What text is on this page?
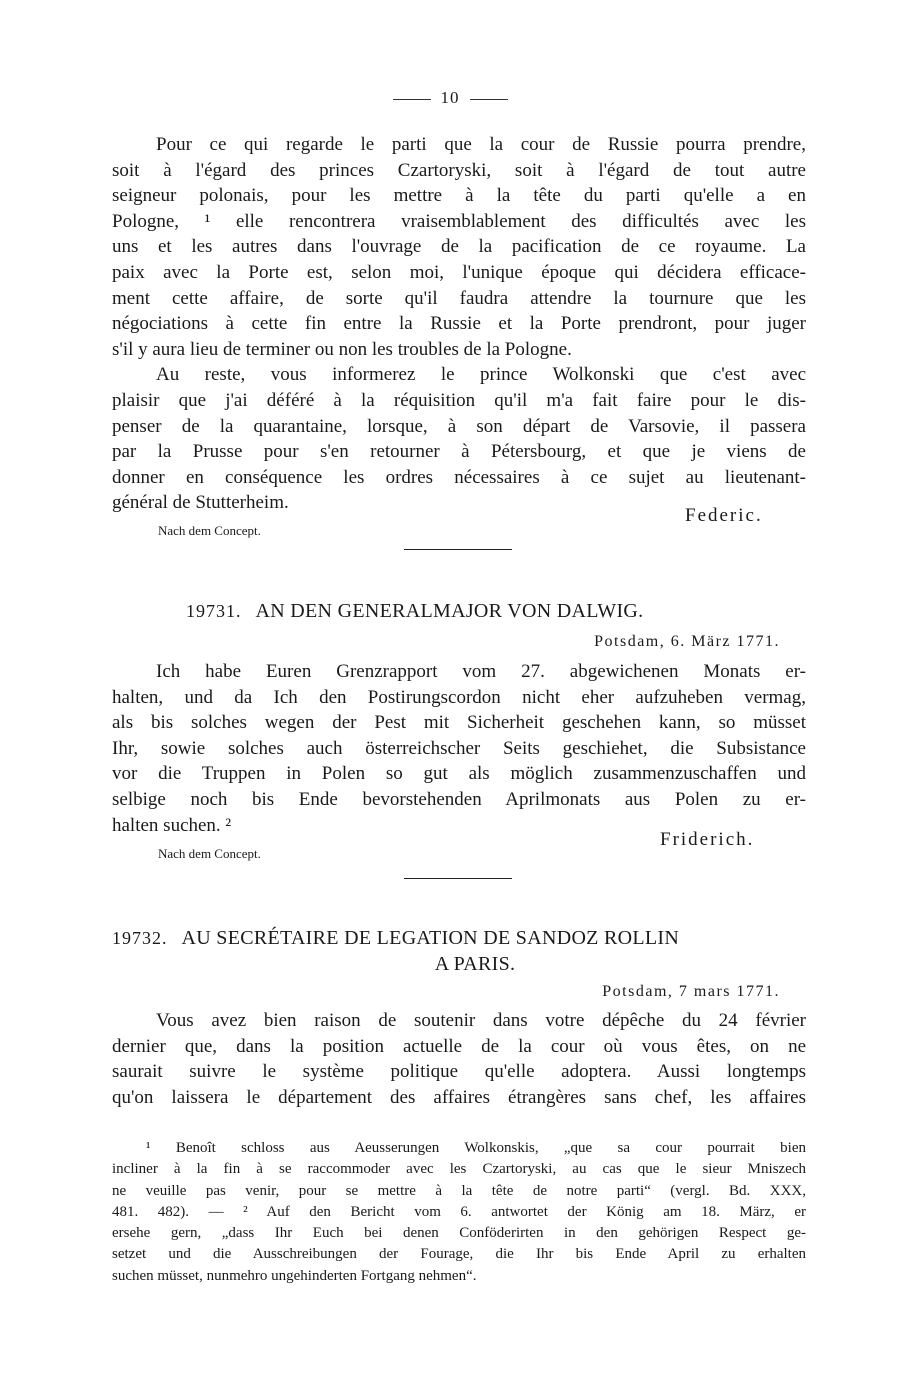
10
Pour ce qui regarde le parti que la cour de Russie pourra prendre,
soit à l'égard des princes Czartoryski, soit à l'égard de tout autre
seigneur polonais, pour les mettre à la tête du parti qu'elle a en
Pologne, ¹ elle rencontrera vraisemblablement des difficultés avec les
uns et les autres dans l'ouvrage de la pacification de ce royaume. La
paix avec la Porte est, selon moi, l'unique époque qui décidera efficace-
ment cette affaire, de sorte qu'il faudra attendre la tournure que les
négociations à cette fin entre la Russie et la Porte prendront, pour juger
s'il y aura lieu de terminer ou non les troubles de la Pologne.
Au reste, vous informerez le prince Wolkonski que c'est avec
plaisir que j'ai déféré à la réquisition qu'il m'a fait faire pour le dis-
penser de la quarantaine, lorsque, à son départ de Varsovie, il passera
par la Prusse pour s'en retourner à Pétersbourg, et que je viens de
donner en conséquence les ordres nécessaires à ce sujet au lieutenant-
général de Stutterheim.
Federic.
Nach dem Concept.
19731. AN DEN GENERALMAJOR VON DALWIG.
Potsdam, 6. März 1771.
Ich habe Euren Grenzrapport vom 27. abgewichenen Monats er-
halten, und da Ich den Postirungscordon nicht eher aufzuheben vermag,
als bis solches wegen der Pest mit Sicherheit geschehen kann, so müsset
Ihr, sowie solches auch österreichscher Seits geschiehet, die Subsistance
vor die Truppen in Polen so gut als möglich zusammenzuschaffen und
selbige noch bis Ende bevorstehenden Aprilmonats aus Polen zu er-
halten suchen. ²
Friderich.
Nach dem Concept.
19732. AU SECRÉTAIRE DE LEGATION DE SANDOZ ROLLIN
A PARIS.
Potsdam, 7 mars 1771.
Vous avez bien raison de soutenir dans votre dépêche du 24 février
dernier que, dans la position actuelle de la cour où vous êtes, on ne
saurait suivre le système politique qu'elle adoptera. Aussi longtemps
qu'on laissera le département des affaires étrangères sans chef, les affaires
¹ Benoît schloss aus Aeusserungen Wolkonskis, „que sa cour pourrait bien
incliner à la fin à se raccommoder avec les Czartoryski, au cas que le sieur Mniszech
ne veuille pas venir, pour se mettre à la tête de notre parti“ (vergl. Bd. XXX,
481. 482). — ² Auf den Bericht vom 6. antwortet der König am 18. März, er
ersehe gern, „dass Ihr Euch bei denen Conföderirten in den gehörigen Respect ge-
setzet und die Ausschreibungen der Fourage, die Ihr bis Ende April zu erhalten
suchen müsset, nunmehro ungehinderten Fortgang nehmen“.
